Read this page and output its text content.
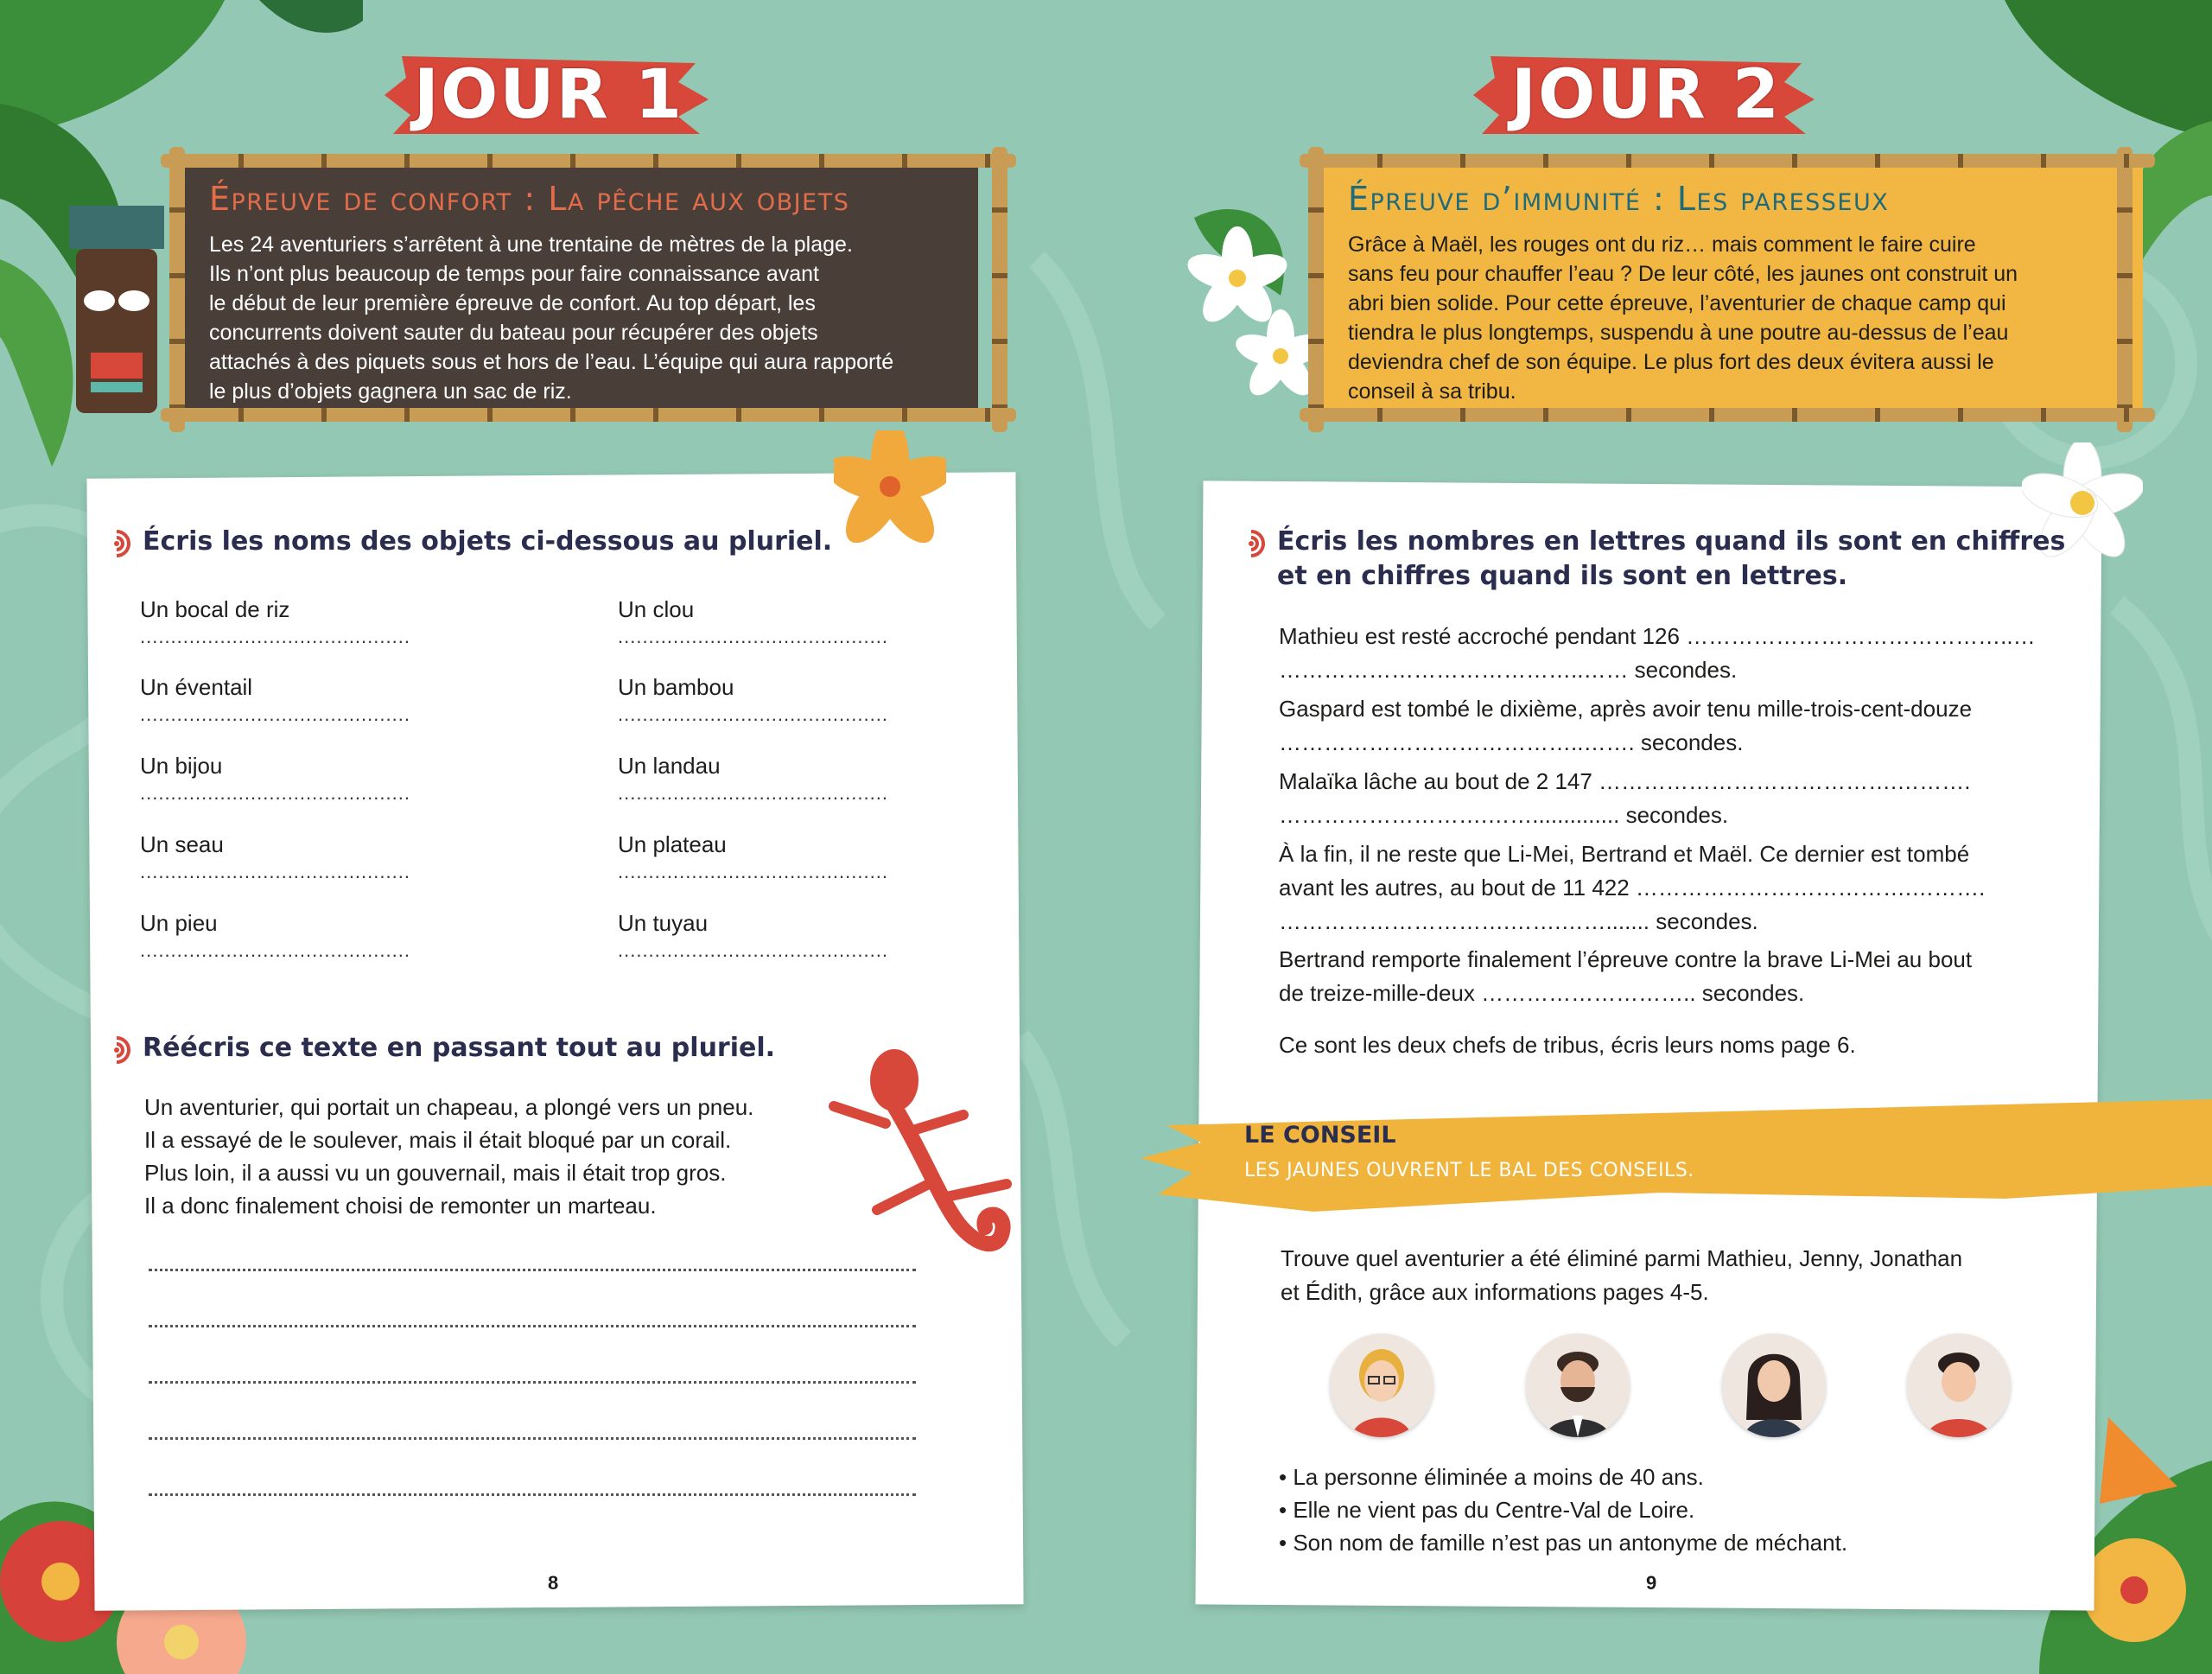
JOUR 1
Épreuve de confort : La pêche aux objets
Les 24 aventuriers s’arrêtent à une trentaine de mètres de la plage.
Ils n’ont plus beaucoup de temps pour faire connaissance avant
le début de leur première épreuve de confort. Au top départ, les
concurrents doivent sauter du bateau pour récupérer des objets
attachés à des piquets sous et hors de l’eau. L’équipe qui aura rapporté
le plus d’objets gagnera un sac de riz.
Écris les noms des objets ci-dessous au pluriel.
Un bocal de riz
............................................
Un éventail
............................................
Un bijou
............................................
Un seau
............................................
Un pieu
............................................
Un clou
............................................
Un bambou
............................................
Un landau
............................................
Un plateau
............................................
Un tuyau
............................................
Réécris ce texte en passant tout au pluriel.
Un aventurier, qui portait un chapeau, a plongé vers un pneu.
Il a essayé de le soulever, mais il était bloqué par un corail.
Plus loin, il a aussi vu un gouvernail, mais il était trop gros.
Il a donc finalement choisi de remonter un marteau.
8
JOUR 2
Épreuve d’immunité : Les paresseux
Grâce à Maël, les rouges ont du riz… mais comment le faire cuire
sans feu pour chauffer l’eau ? De leur côté, les jaunes ont construit un
abri bien solide. Pour cette épreuve, l’aventurier de chaque camp qui
tiendra le plus longtemps, suspendu à une poutre au-dessus de l’eau
deviendra chef de son équipe. Le plus fort des deux évitera aussi le
conseil à sa tribu.
Écris les nombres en lettres quand ils sont en chiffres
et en chiffres quand ils sont en lettres.
Mathieu est resté accroché pendant 126 ……………………………………..…
…………………………………..…… secondes.
Gaspard est tombé le dixième, après avoir tenu mille-trois-cent-douze
…………………………………..……. secondes.
Malaïka lâche au bout de 2 147 ………………………………….……….
……………………….…….............. secondes.
À la fin, il ne reste que Li-Mei, Bertrand et Maël. Ce dernier est tombé
avant les autres, au bout de 11 422 ……………………………….……….
………………………….…….……....... secondes.
Bertrand remporte finalement l’épreuve contre la brave Li-Mei au bout
de treize-mille-deux ……………………….. secondes.
Ce sont les deux chefs de tribus, écris leurs noms page 6.
LE CONSEIL
LES JAUNES OUVRENT LE BAL DES CONSEILS.
Trouve quel aventurier a été éliminé parmi Mathieu, Jenny, Jonathan
et Édith, grâce aux informations pages 4-5.
• La personne éliminée a moins de 40 ans.
• Elle ne vient pas du Centre-Val de Loire.
• Son nom de famille n’est pas un antonyme de méchant.
9
